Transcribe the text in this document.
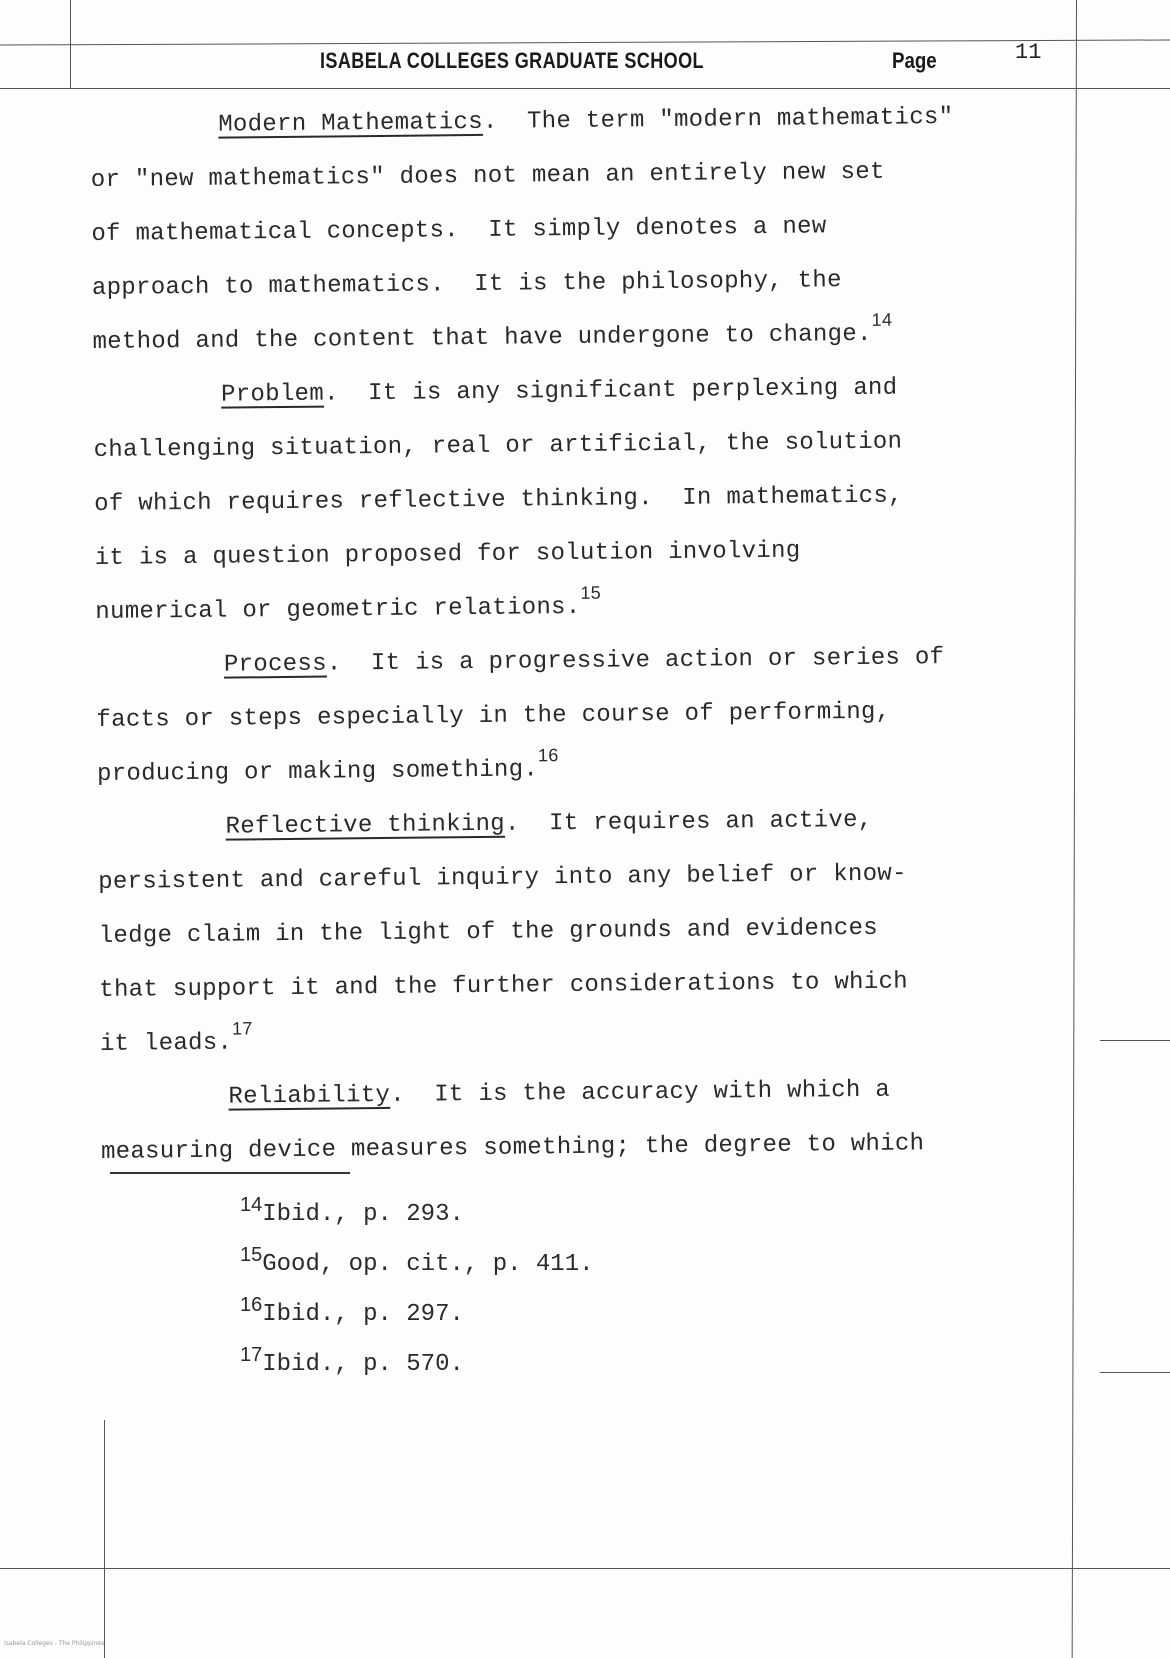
ISABELA COLLEGES GRADUATE SCHOOL	Page	11
Modern Mathematics.  The term "modern mathematics"
or "new mathematics" does not mean an entirely new set
of mathematical concepts.  It simply denotes a new
approach to mathematics.  It is the philosophy, the
method and the content that have undergone to change.$^{14}$
Problem.  It is any significant perplexing and
challenging situation, real or artificial, the solution
of which requires reflective thinking.  In mathematics,
it is a question proposed for solution involving
numerical or geometric relations.$^{15}$
Process.  It is a progressive action or series of
facts or steps especially in the course of performing,
producing or making something.$^{16}$
Reflective thinking.  It requires an active,
persistent and careful inquiry into any belief or know-
ledge claim in the light of the grounds and evidences
that support it and the further considerations to which
it leads.$^{17}$
Reliability.  It is the accuracy with which a
measuring device measures something; the degree to which
$^{14}$Ibid., p. 293.
$^{15}$Good, op. cit., p. 411.
$^{16}$Ibid., p. 297.
$^{17}$Ibid., p. 570.
Isabela Colleges - The Philippines
